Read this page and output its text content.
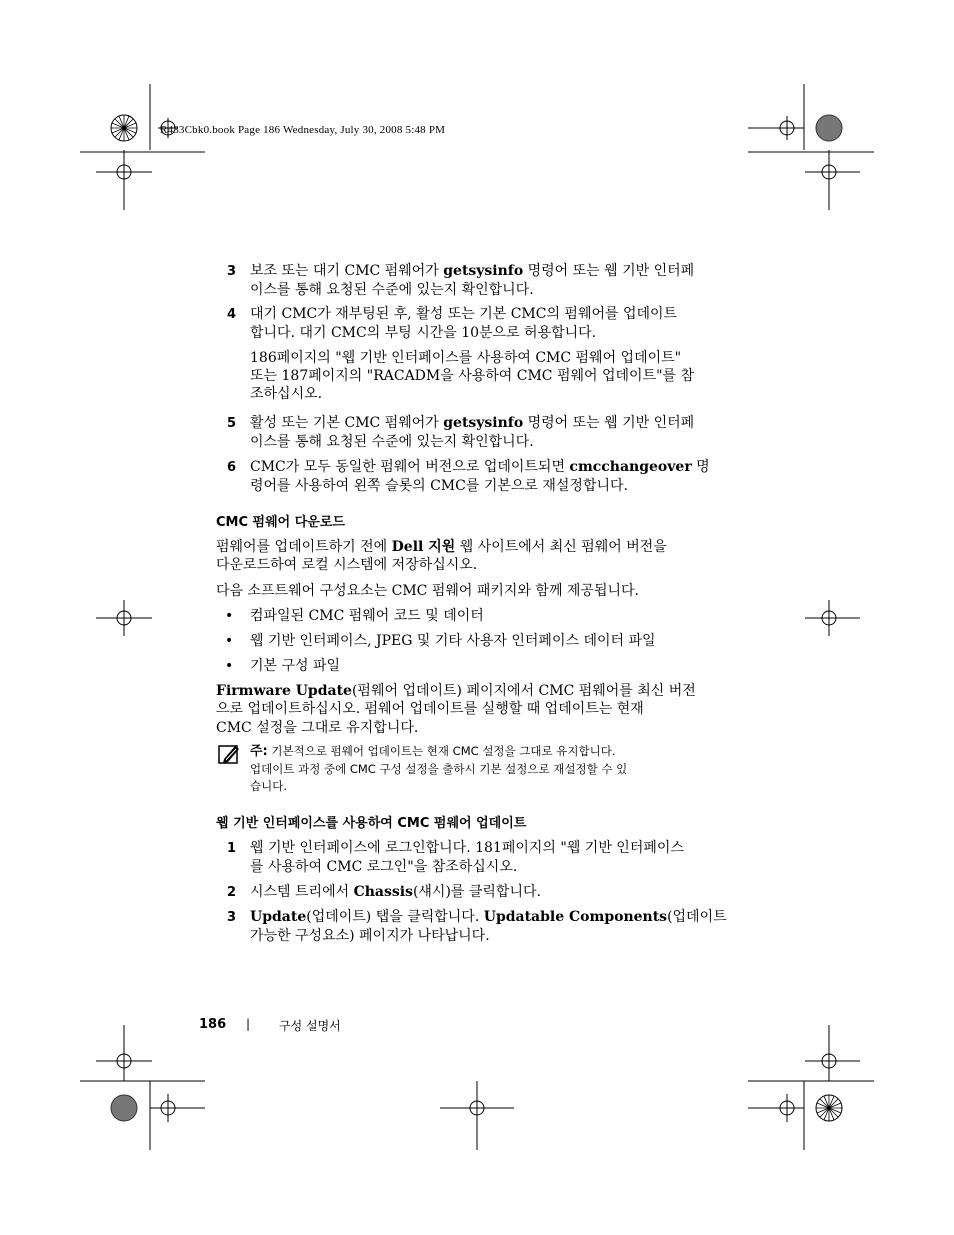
R433Cbk0.book Page 186 Wednesday, July 30, 2008 5:48 PM
3 보조 또는 대기 CMC 펌웨어가 getsysinfo 명령어 또는 웹 기반 인터페
이스를 통해 요청된 수준에 있는지 확인합니다.
4 대기 CMC가 재부팅된 후, 활성 또는 기본 CMC의 펌웨어를 업데이트
합니다. 대기 CMC의 부팅 시간을 10분으로 허용합니다.
186페이지의 "웹 기반 인터페이스를 사용하여 CMC 펌웨어 업데이트"
또는 187페이지의 "RACADM을 사용하여 CMC 펌웨어 업데이트"를 참
조하십시오.
5 활성 또는 기본 CMC 펌웨어가 getsysinfo 명령어 또는 웹 기반 인터페
이스를 통해 요청된 수준에 있는지 확인합니다.
6 CMC가 모두 동일한 펌웨어 버전으로 업데이트되면 cmcchangeover 명
령어를 사용하여 왼쪽 슬롯의 CMC를 기본으로 재설정합니다.
CMC 펌웨어 다운로드
펌웨어를 업데이트하기 전에 Dell 지원 웹 사이트에서 최신 펌웨어 버전을
다운로드하여 로컬 시스템에 저장하십시오.
다음 소프트웨어 구성요소는 CMC 펌웨어 패키지와 함께 제공됩니다.
• 컴파일된 CMC 펌웨어 코드 및 데이터
• 웹 기반 인터페이스, JPEG 및 기타 사용자 인터페이스 데이터 파일
• 기본 구성 파일
Firmware Update(펌웨어 업데이트) 페이지에서 CMC 펌웨어를 최신 버전
으로 업데이트하십시오. 펌웨어 업데이트를 실행할 때 업데이트는 현재
CMC 설정을 그대로 유지합니다.
주: 기본적으로 펌웨어 업데이트는 현재 CMC 설정을 그대로 유지합니다.
업데이트 과정 중에 CMC 구성 설정을 출하시 기본 설정으로 재설정할 수 있
습니다.
웹 기반 인터페이스를 사용하여 CMC 펌웨어 업데이트
1 웹 기반 인터페이스에 로그인합니다. 181페이지의 "웹 기반 인터페이스
를 사용하여 CMC 로그인"을 참조하십시오.
2 시스템 트리에서 Chassis(섀시)를 클릭합니다.
3 Update(업데이트) 탭을 클릭합니다. Updatable Components(업데이트
가능한 구성요소) 페이지가 나타납니다.
186 | 구성 설명서
